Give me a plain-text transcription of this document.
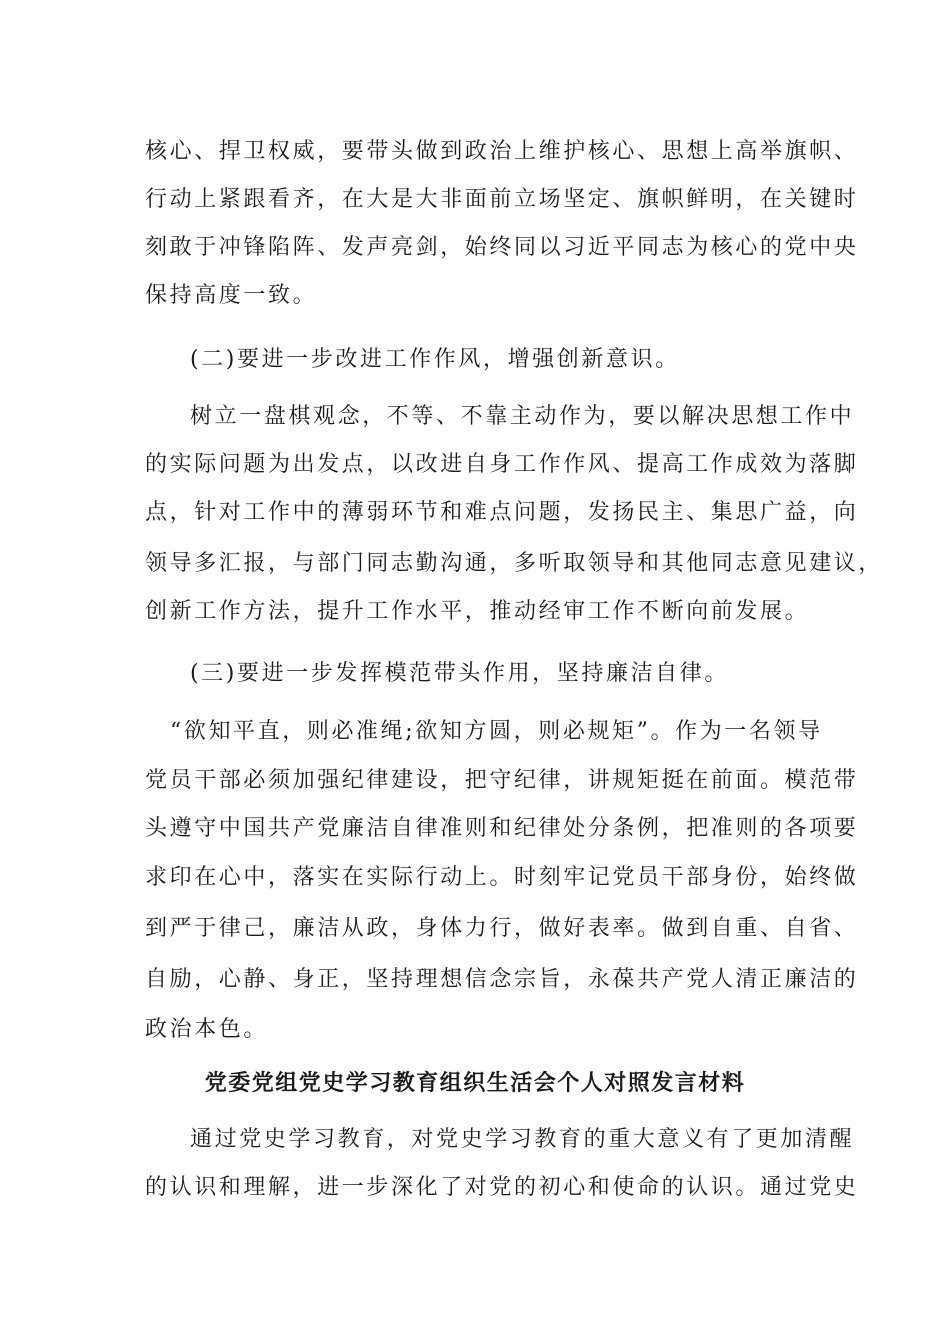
核心、捍卫权威，要带头做到政治上维护核心、思想上高举旗帜、
行动上紧跟看齐，在大是大非面前立场坚定、旗帜鲜明，在关键时
刻敢于冲锋陷阵、发声亮剑，始终同以习近平同志为核心的党中央
保持高度一致。
(二)要进一步改进工作作风，增强创新意识。
树立一盘棋观念，不等、不靠主动作为，要以解决思想工作中
的实际问题为出发点，以改进自身工作作风、提高工作成效为落脚
点，针对工作中的薄弱环节和难点问题，发扬民主、集思广益，向
领导多汇报，与部门同志勤沟通，多听取领导和其他同志意见建议，
创新工作方法，提升工作水平，推动经审工作不断向前发展。
(三)要进一步发挥模范带头作用，坚持廉洁自律。
“欲知平直，则必准绳;欲知方圆，则必规矩”。作为一名领导
党员干部必须加强纪律建设，把守纪律，讲规矩挺在前面。模范带
头遵守中国共产党廉洁自律准则和纪律处分条例，把准则的各项要
求印在心中，落实在实际行动上。时刻牢记党员干部身份，始终做
到严于律己，廉洁从政，身体力行，做好表率。做到自重、自省、
自励，心静、身正，坚持理想信念宗旨，永葆共产党人清正廉洁的
政治本色。
党委党组党史学习教育组织生活会个人对照发言材料
通过党史学习教育，对党史学习教育的重大意义有了更加清醒
的认识和理解，进一步深化了对党的初心和使命的认识。通过党史
